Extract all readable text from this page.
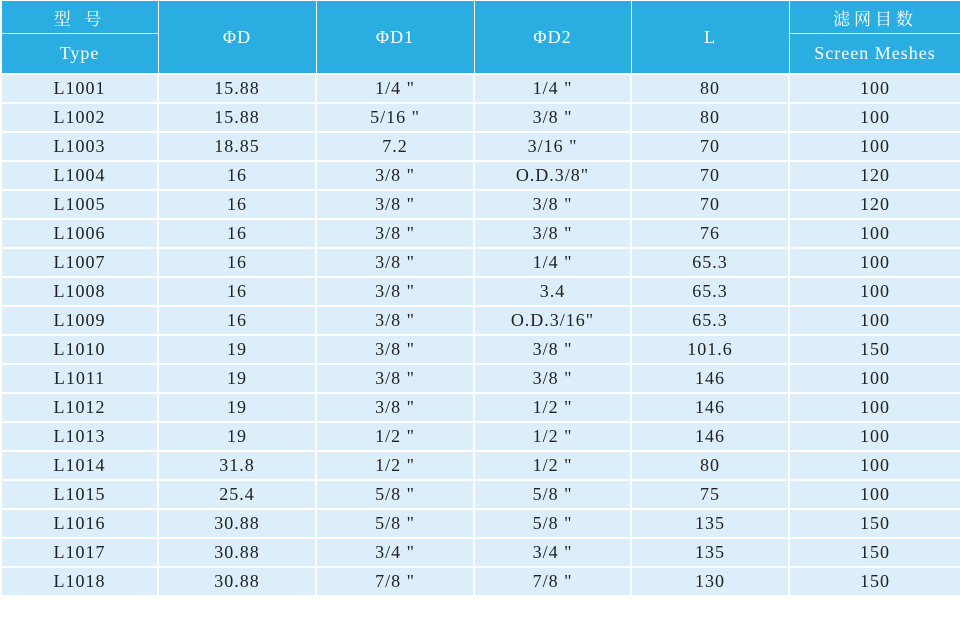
型 号	ΦD	ΦD1	ΦD2	L	滤网目数
Type					Screen Meshes
L1001	15.88	1/4 "	1/4 "	80	100
L1002	15.88	5/16 "	3/8 "	80	100
L1003	18.85	7.2	3/16 "	70	100
L1004	16	3/8 "	O.D.3/8"	70	120
L1005	16	3/8 "	3/8 "	70	120
L1006	16	3/8 "	3/8 "	76	100
L1007	16	3/8 "	1/4 "	65.3	100
L1008	16	3/8 "	3.4	65.3	100
L1009	16	3/8 "	O.D.3/16"	65.3	100
L1010	19	3/8 "	3/8 "	101.6	150
L1011	19	3/8 "	3/8 "	146	100
L1012	19	3/8 "	1/2 "	146	100
L1013	19	1/2 "	1/2 "	146	100
L1014	31.8	1/2 "	1/2 "	80	100
L1015	25.4	5/8 "	5/8 "	75	100
L1016	30.88	5/8 "	5/8 "	135	150
L1017	30.88	3/4 "	3/4 "	135	150
L1018	30.88	7/8 "	7/8 "	130	150
